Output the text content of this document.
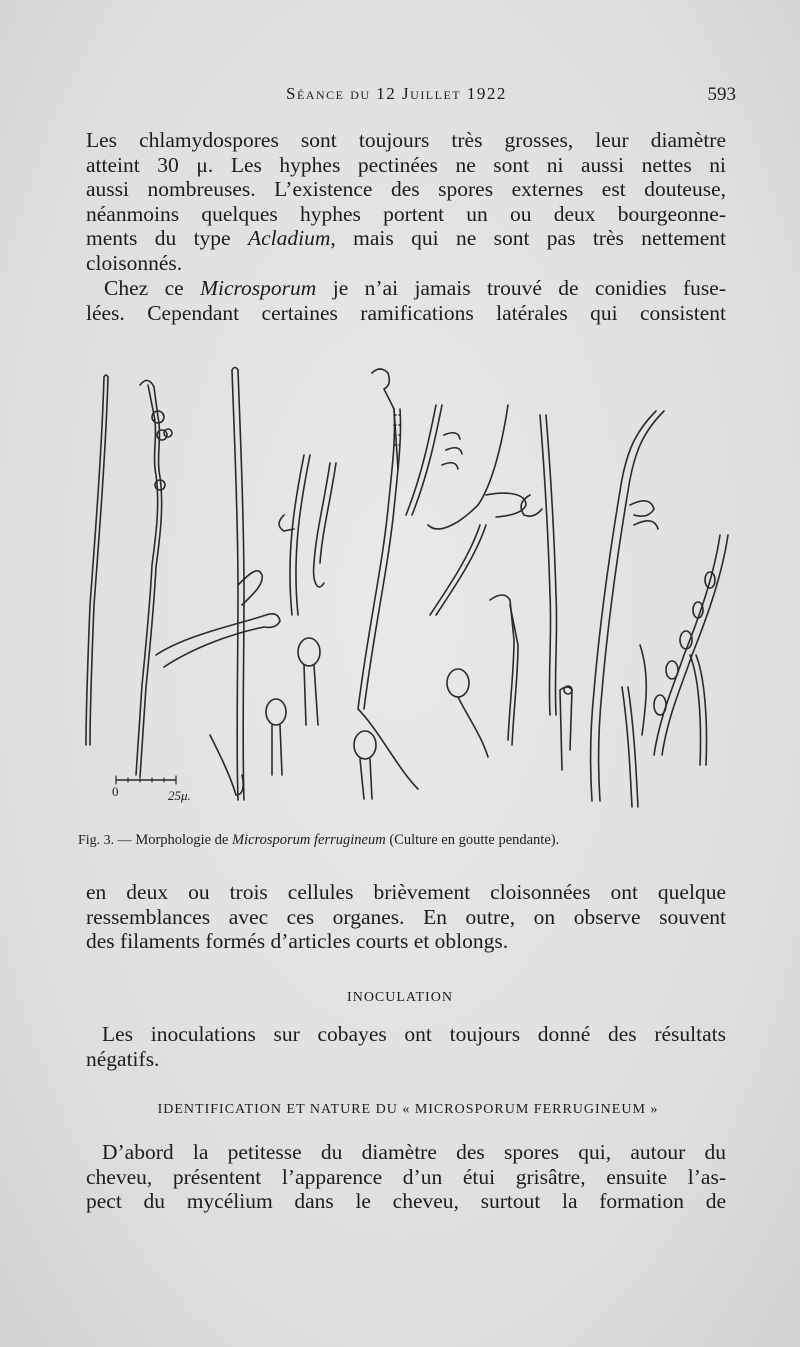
Séance du 12 Juillet 1922	593
Les chlamydospores sont toujours très grosses, leur diamètre
atteint 30 μ. Les hyphes pectinées ne sont ni aussi nettes ni
aussi nombreuses. L’existence des spores externes est douteuse,
néanmoins quelques hyphes portent un ou deux bourgeonne-
ments du type Acladium, mais qui ne sont pas très nettement
cloisonnés.
Chez ce Microsporum je n’ai jamais trouvé de conidies fuse-
lées. Cependant certaines ramifications latérales qui consistent
0	25μ.
Fig. 3. — Morphologie de Microsporum ferrugineum (Culture en goutte pendante).
en deux ou trois cellules brièvement cloisonnées ont quelque
ressemblances avec ces organes. En outre, on observe souvent
des filaments formés d’articles courts et oblongs.
INOCULATION
Les inoculations sur cobayes ont toujours donné des résultats
négatifs.
IDENTIFICATION ET NATURE DU « MICROSPORUM FERRUGINEUM »
D’abord la petitesse du diamètre des spores qui, autour du
cheveu, présentent l’apparence d’un étui grisâtre, ensuite l’as-
pect du mycélium dans le cheveu, surtout la formation de
